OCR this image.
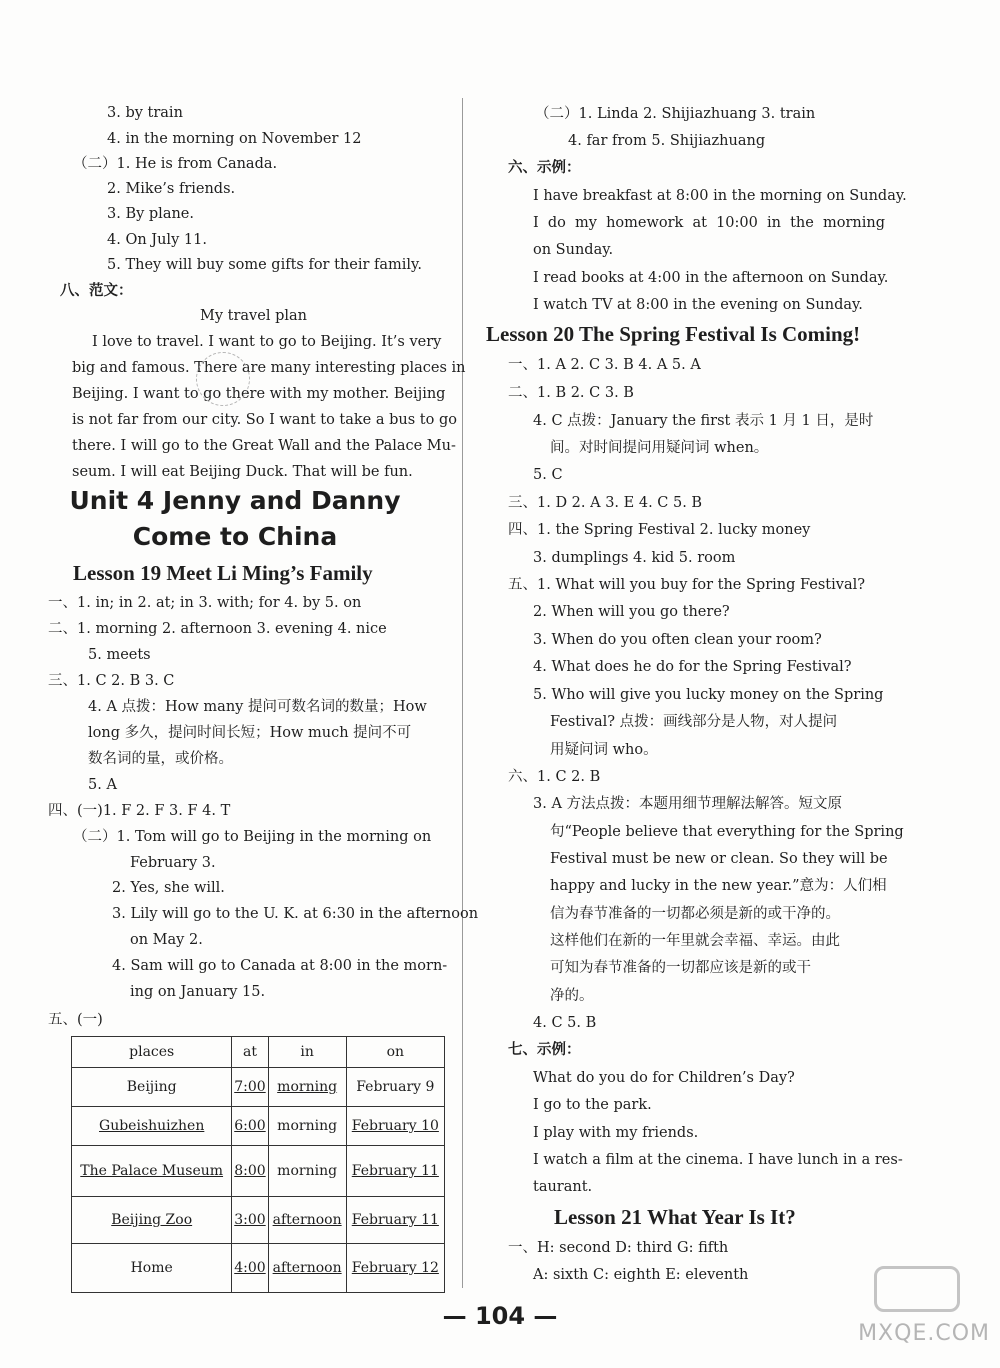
3. by train
4. in the morning on November 12
（二）1. He is from Canada.
2. Mike’s friends.
3. By plane.
4. On July 11.
5. They will buy some gifts for their family.
八、范文：
My travel plan
I love to travel. I want to go to Beijing. It’s very
big and famous. There are many interesting places in
Beijing. I want to go there with my mother. Beijing
is not far from our city. So I want to take a bus to go
there. I will go to the Great Wall and the Palace Mu-
seum. I will eat Beijing Duck. That will be fun.
Unit 4 Jenny and Danny
Come to China
Lesson 19 Meet Li Ming’s Family
一、1. in; in 2. at; in 3. with; for 4. by 5. on
二、1. morning 2. afternoon 3. evening 4. nice
5. meets
三、1. C 2. B 3. C
4. A 点拨：How many 提问可数名词的数量；How
long 多久，提问时间长短；How much 提问不可
数名词的量，或价格。
5. A
四、(一)1. F 2. F 3. F 4. T
（二）1. Tom will go to Beijing in the morning on
February 3.
2. Yes, she will.
3. Lily will go to the U. K. at 6:30 in the afternoon
on May 2.
4. Sam will go to Canada at 8:00 in the morn-
ing on January 15.
五、(一)
places	at	in	on
Beijing	7:00	morning	February 9
Gubeishuizhen	6:00	morning	February 10
The Palace Museum	8:00	morning	February 11
Beijing Zoo	3:00	afternoon	February 11
Home	4:00	afternoon	February 12
（二）1. Linda 2. Shijiazhuang 3. train
4. far from 5. Shijiazhuang
六、示例：
I have breakfast at 8:00 in the morning on Sunday.
I do my homework at 10:00 in the morning
on Sunday.
I read books at 4:00 in the afternoon on Sunday.
I watch TV at 8:00 in the evening on Sunday.
Lesson 20 The Spring Festival Is Coming!
一、1. A 2. C 3. B 4. A 5. A
二、1. B 2. C 3. B
4. C 点拨：January the first 表示 1 月 1 日，是时
间。对时间提问用疑问词 when。
5. C
三、1. D 2. A 3. E 4. C 5. B
四、1. the Spring Festival 2. lucky money
3. dumplings 4. kid 5. room
五、1. What will you buy for the Spring Festival?
2. When will you go there?
3. When do you often clean your room?
4. What does he do for the Spring Festival?
5. Who will give you lucky money on the Spring
Festival? 点拨：画线部分是人物，对人提问
用疑问词 who。
六、1. C 2. B
3. A 方法点拨：本题用细节理解法解答。短文原
句“People believe that everything for the Spring
Festival must be new or clean. So they will be
happy and lucky in the new year.”意为：人们相
信为春节准备的一切都必须是新的或干净的。
这样他们在新的一年里就会幸福、幸运。由此
可知为春节准备的一切都应该是新的或干
净的。
4. C 5. B
七、示例：
What do you do for Children’s Day?
I go to the park.
I play with my friends.
I watch a film at the cinema. I have lunch in a res-
taurant.
Lesson 21 What Year Is It?
一、H: second D: third G: fifth
A: sixth C: eighth E: eleventh
— 104 —
MXQE.COM
